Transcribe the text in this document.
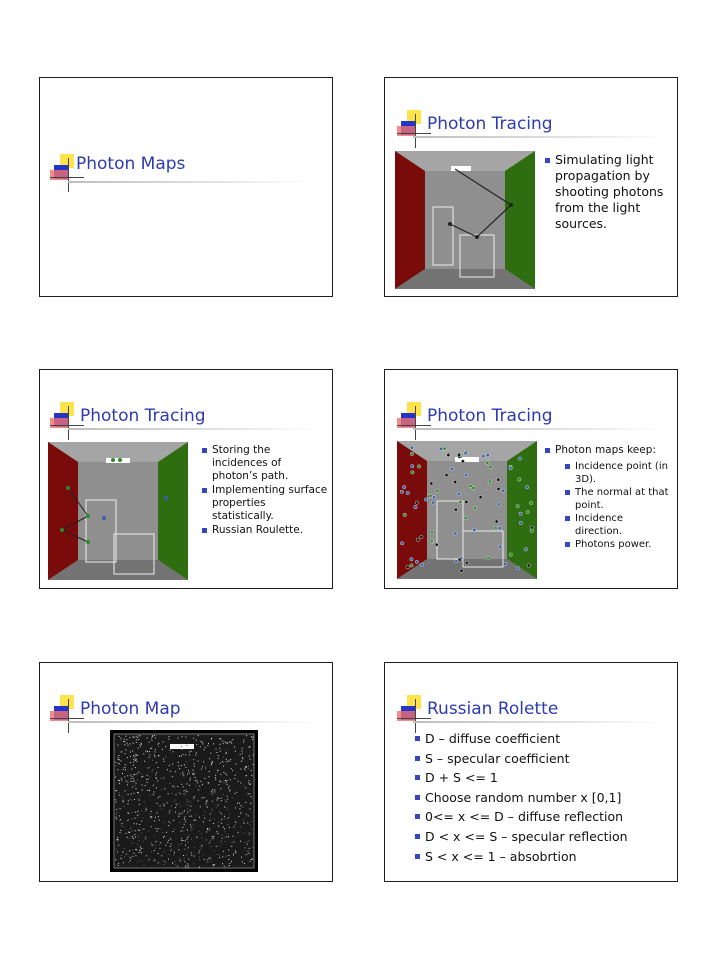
Photon Maps
Photon Tracing
Simulating light propagation by shooting photons from the light sources.
Photon Tracing
Storing the incidences of photon’s path.
Implementing surface properties statistically.
Russian Roulette.
Photon Tracing
Photon maps keep:
Incidence point (in 3D).
The normal at that point.
Incidence direction.
Photons power.
Photon Map	Russian Rolette
D – diffuse coefficient
S – specular coefficient
D + S <= 1
Choose random number x [0,1]
0<= x <= D – diffuse reflection
D < x <= S – specular reflection
S < x <= 1 – absobrtion
